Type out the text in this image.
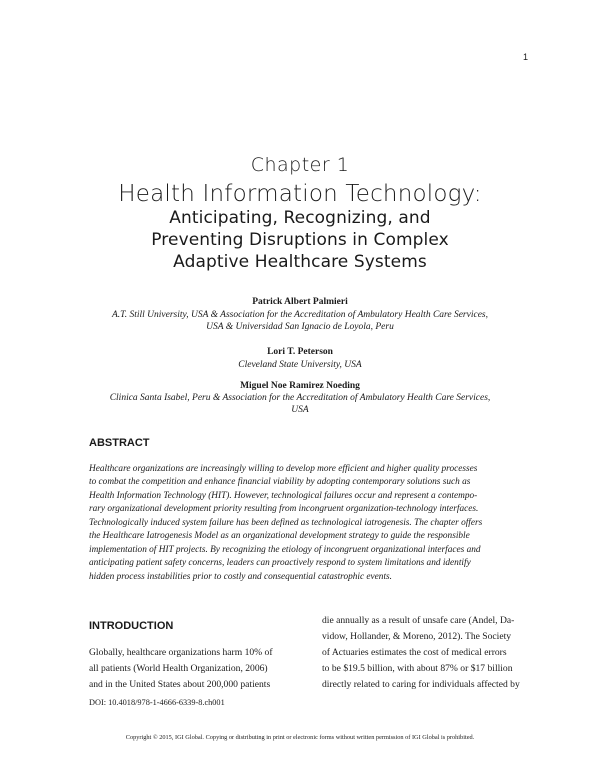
1
Chapter 1
Health Information Technology:
Anticipating, Recognizing, and
Preventing Disruptions in Complex
Adaptive Healthcare Systems
Patrick Albert Palmieri
A.T. Still University, USA & Association for the Accreditation of Ambulatory Health Care Services,
USA & Universidad San Ignacio de Loyola, Peru
Lori T. Peterson
Cleveland State University, USA
Miguel Noe Ramirez Noeding
Clinica Santa Isabel, Peru & Association for the Accreditation of Ambulatory Health Care Services,
USA
ABSTRACT
Healthcare organizations are increasingly willing to develop more efficient and higher quality processes
to combat the competition and enhance financial viability by adopting contemporary solutions such as
Health Information Technology (HIT). However, technological failures occur and represent a contempo-
rary organizational development priority resulting from incongruent organization-technology interfaces.
Technologically induced system failure has been defined as technological iatrogenesis. The chapter offers
the Healthcare Iatrogenesis Model as an organizational development strategy to guide the responsible
implementation of HIT projects. By recognizing the etiology of incongruent organizational interfaces and
anticipating patient safety concerns, leaders can proactively respond to system limitations and identify
hidden process instabilities prior to costly and consequential catastrophic events.
INTRODUCTION
Globally, healthcare organizations harm 10% of
all patients (World Health Organization, 2006)
and in the United States about 200,000 patients
die annually as a result of unsafe care (Andel, Da-
vidow, Hollander, & Moreno, 2012). The Society
of Actuaries estimates the cost of medical errors
to be $19.5 billion, with about 87% or $17 billion
directly related to caring for individuals affected by
DOI: 10.4018/978-1-4666-6339-8.ch001
Copyright © 2015, IGI Global. Copying or distributing in print or electronic forms without written permission of IGI Global is prohibited.
